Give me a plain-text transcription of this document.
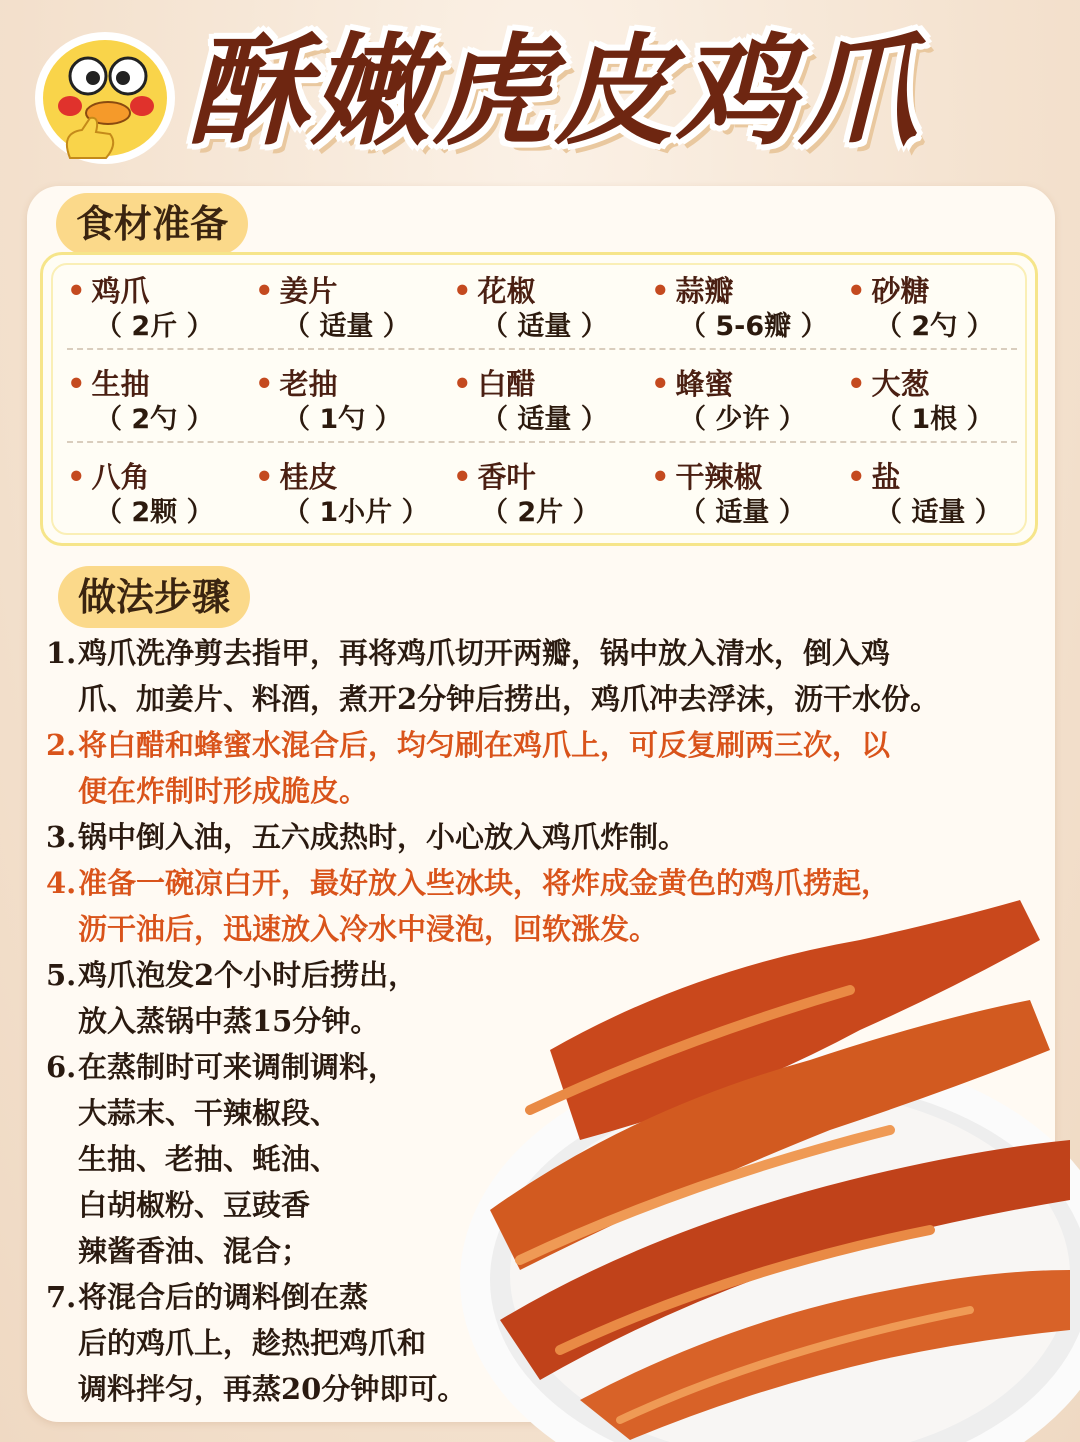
酥嫩虎皮鸡爪
食材准备
• 鸡爪
（ 2斤 ）
• 姜片
（ 适量 ）
• 花椒
（ 适量 ）
• 蒜瓣
（ 5-6瓣 ）
• 砂糖
（ 2勺 ）
• 生抽
（ 2勺 ）
• 老抽
（ 1勺 ）
• 白醋
（ 适量 ）
• 蜂蜜
（ 少许 ）
• 大葱
（ 1根 ）
• 八角
（ 2颗 ）
• 桂皮
（ 1小片 ）
• 香叶
（ 2片 ）
• 干辣椒
（ 适量 ）
• 盐
（ 适量 ）
做法步骤
1. 鸡爪洗净剪去指甲，再将鸡爪切开两瓣，锅中放入清水，倒入鸡
爪、加姜片、料酒，煮开2分钟后捞出，鸡爪冲去浮沫，沥干水份。
2. 将白醋和蜂蜜水混合后，均匀刷在鸡爪上，可反复刷两三次，以
便在炸制时形成脆皮。
3. 锅中倒入油，五六成热时，小心放入鸡爪炸制。
4. 准备一碗凉白开，最好放入些冰块，将炸成金黄色的鸡爪捞起，
沥干油后，迅速放入冷水中浸泡，回软涨发。
5. 鸡爪泡发2个小时后捞出，
放入蒸锅中蒸15分钟。
6. 在蒸制时可来调制调料，
大蒜末、干辣椒段、
生抽、老抽、蚝油、
白胡椒粉、豆豉香
辣酱香油、混合；
7. 将混合后的调料倒在蒸
后的鸡爪上，趁热把鸡爪和
调料拌匀，再蒸20分钟即可。
